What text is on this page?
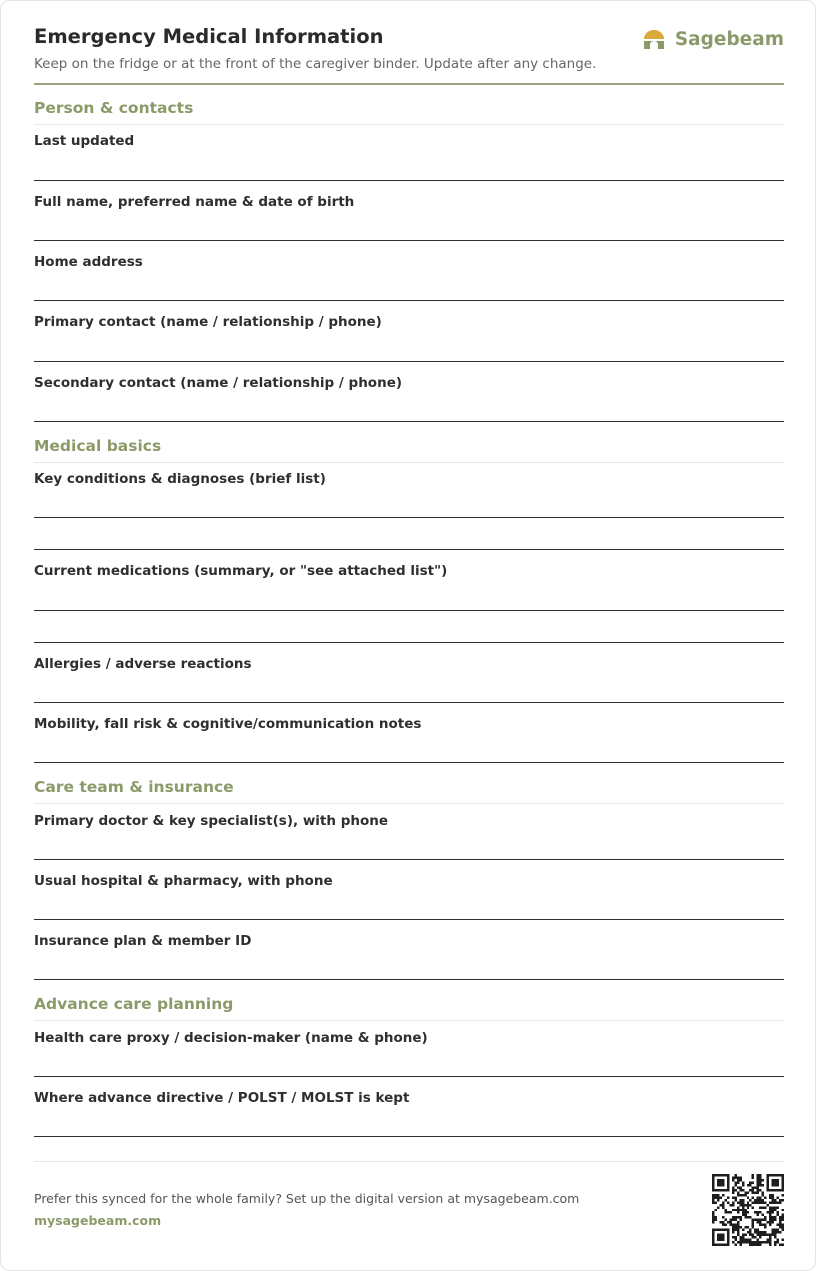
Emergency Medical Information
Keep on the fridge or at the front of the caregiver binder. Update after any change.
Sagebeam
Person & contacts
Last updated
Full name, preferred name & date of birth
Home address
Primary contact (name / relationship / phone)
Secondary contact (name / relationship / phone)
Medical basics
Key conditions & diagnoses (brief list)
Current medications (summary, or "see attached list")
Allergies / adverse reactions
Mobility, fall risk & cognitive/communication notes
Care team & insurance
Primary doctor & key specialist(s), with phone
Usual hospital & pharmacy, with phone
Insurance plan & member ID
Advance care planning
Health care proxy / decision-maker (name & phone)
Where advance directive / POLST / MOLST is kept
Prefer this synced for the whole family? Set up the digital version at mysagebeam.com
mysagebeam.com
